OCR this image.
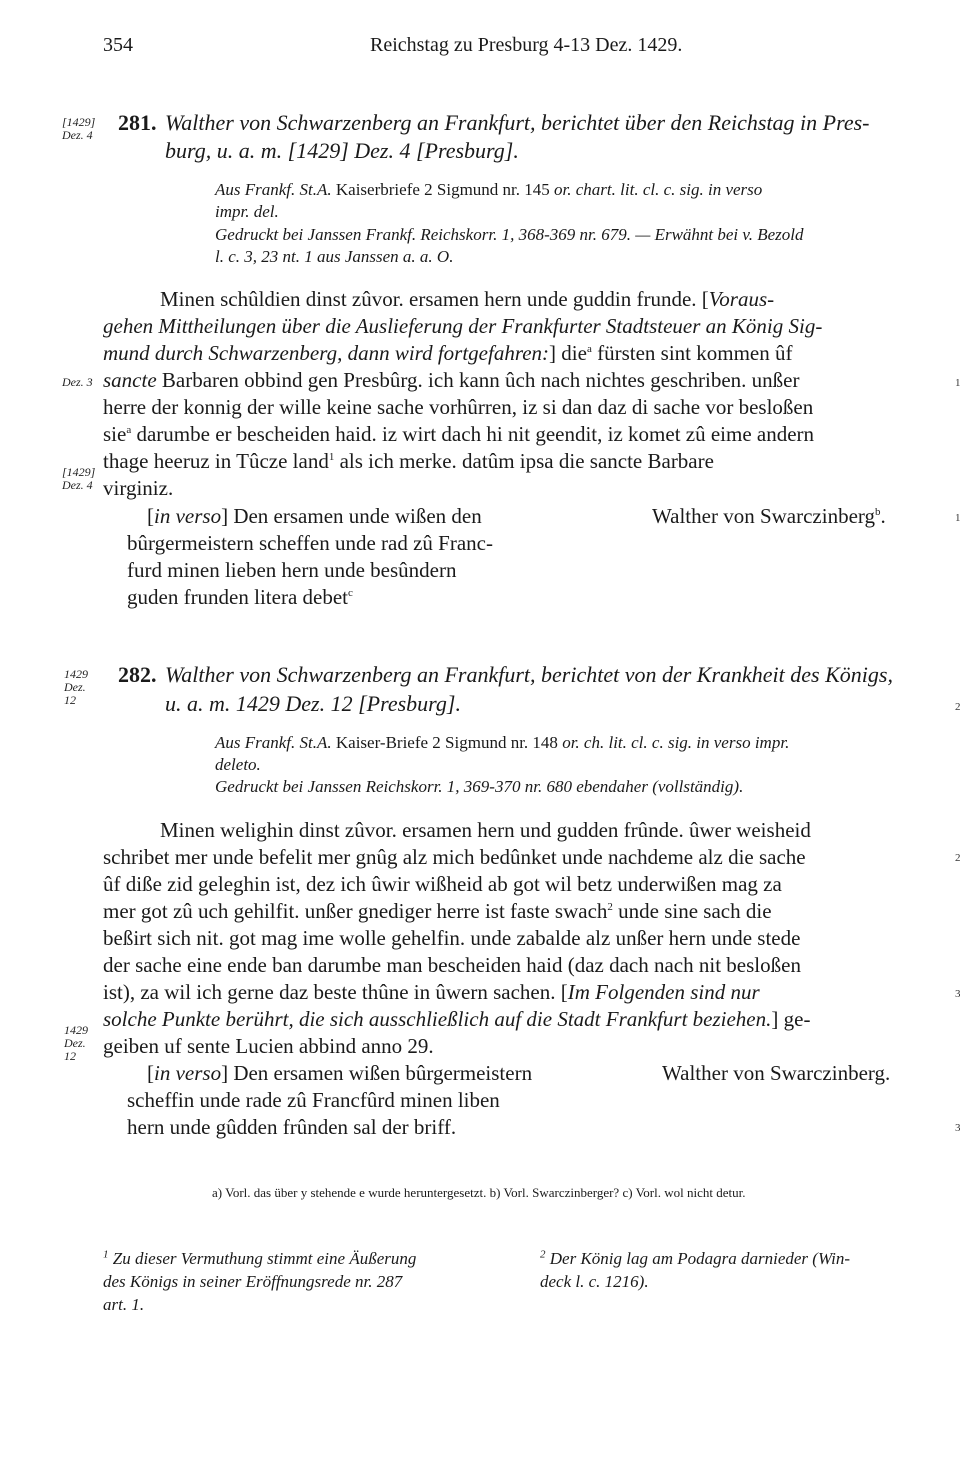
354	Reichstag zu Presburg 4-13 Dez. 1429.
[1429] Dez. 4	281. Walther von Schwarzenberg an Frankfurt, berichtet über den Reichstag in Pres-
burg, u. a. m. [1429] Dez. 4 [Presburg].
Aus Frankf. St.A. Kaiserbriefe 2 Sigmund nr. 145 or. chart. lit. cl. c. sig. in verso
impr. del.
Gedruckt bei Janssen Frankf. Reichskorr. 1, 368-369 nr. 679. — Erwähnt bei v. Bezold
l. c. 3, 23 nt. 1 aus Janssen a. a. O.
Minen schûldien dinst zûvor. ersamen hern unde guddin frunde. [Voraus-
gehen Mittheilungen über die Auslieferung der Frankfurter Stadtsteuer an König Sig-
mund durch Schwarzenberg, dann wird fortgefahren:] die$^a$ fürsten sint kommen ûf
Dez. 3 sancte Barbaren obbind gen Presbûrg. ich kann ûch nach nichtes geschriben. unßer	1
herre der konnig der wille keine sache vorhûrren, iz si dan daz di sache vor besloßen
sie$^a$ darumbe er bescheiden haid. iz wirt dach hi nit geendit, iz komet zû eime andern
thage heeruz in Tûcze land$^1$ als ich merke. datûm ipsa die sancte Barbare
[1429] Dez. 4 virginiz.
[in verso] Den ersamen unde wißen den
bûrgermeistern scheffen unde rad zû Franc-
furd minen lieben hern unde besûndern
guden frunden litera debet$^c$
Walther von Swarczinberg$^b$.	1
1429 Dez. 12
282. Walther von Schwarzenberg an Frankfurt, berichtet von der Krankheit des Königs,
u. a. m. 1429 Dez. 12 [Presburg].	2
Aus Frankf. St.A. Kaiser-Briefe 2 Sigmund nr. 148 or. ch. lit. cl. c. sig. in verso impr.
deleto.
Gedruckt bei Janssen Reichskorr. 1, 369-370 nr. 680 ebendaher (vollständig).
Minen welighin dinst zûvor. ersamen hern und gudden frûnde. ûwer weisheid
schribet mer unde befelit mer gnûg alz mich bedûnket unde nachdeme alz die sache	2
ûf diße zid geleghin ist, dez ich ûwir wißheid ab got wil betz underwißen mag za
mer got zû uch gehilfit. unßer gnediger herre ist faste swach$^2$ unde sine sach die
beßirt sich nit. got mag ime wolle gehelfin. unde zabalde alz unßer hern unde stede
der sache eine ende ban darumbe man bescheiden haid (daz dach nach nit besloßen
ist), za wil ich gerne daz beste thûne in ûwern sachen. [Im Folgenden sind nur	3
solche Punkte berührt, die sich ausschließlich auf die Stadt Frankfurt beziehen.] ge-
1429 Dez. 12	geiben uf sente Lucien abbind anno 29.
[in verso] Den ersamen wißen bûrgermeistern
scheffin unde rade zû Francfûrd minen liben
hern unde gûdden frûnden sal der briff.
Walther von Swarczinberg.
3
a) Vorl. das über y stehende e wurde heruntergesetzt. b) Vorl. Swarczinberger? c) Vorl. wol nicht detur.
$^1$ Zu dieser Vermuthung stimmt eine Äußerung
des Königs in seiner Eröffnungsrede nr. 287
art. 1.
$^2$ Der König lag am Podagra darnieder (Win-
deck l. c. 1216).
